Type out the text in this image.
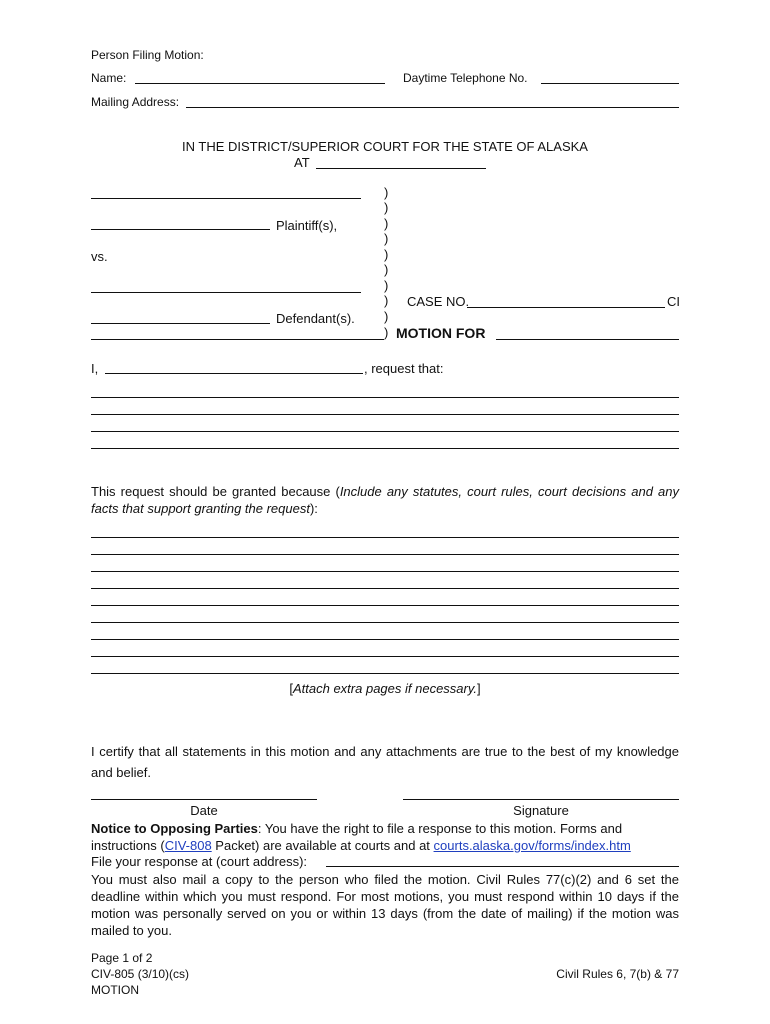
Person Filing Motion:
Name:	Daytime Telephone No.
Mailing Address:
IN THE DISTRICT/SUPERIOR COURT FOR THE STATE OF ALASKA
AT
Plaintiff(s),
vs.
Defendant(s).
)
)
)
)
)
)
)
)
)
)
CASE NO.	CI
MOTION FOR
I,	, request that:
This request should be granted because (Include any statutes, court rules, court decisions and any facts that support granting the request):
[Attach extra pages if necessary.]
I certify that all statements in this motion and any attachments are true to the best of my knowledge and belief.
Date	Signature
Notice to Opposing Parties: You have the right to file a response to this motion. Forms and instructions (CIV-808 Packet) are available at courts and at courts.alaska.gov/forms/index.htm
File your response at (court address):
You must also mail a copy to the person who filed the motion. Civil Rules 77(c)(2) and 6 set the deadline within which you must respond. For most motions, you must respond within 10 days if the motion was personally served on you or within 13 days (from the date of mailing) if the motion was mailed to you.
Page 1 of 2
CIV-805 (3/10)(cs)
MOTION
Civil Rules 6, 7(b) & 77
